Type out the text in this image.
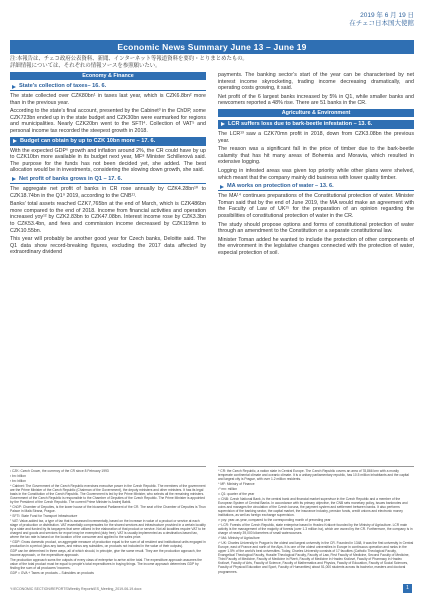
2019 年 6 月 19 日
在チェコ日本国大使館
Economic News Summary June 13 – June 19
注:本報告は、チェコ政府公表資料、新聞、インターネット等報道資料を要約・とりまとめたもの。
詳細情報については、それぞれの情報ソースを参照願いたい。
Economy & Finance
State’s collection of taxes– 16. 6.

The state collected over CZK80bn¹ in taxes last year, which is CZK6.8bn² more than in the previous year.

According to the state’s final account, presented by the Cabinet³ in the ChDP, some CZK723bn ended up in the state budget and CZK30bn were earmarked for regions and municipalities. Nearly CZK20bn went to the SFTI⁴. Collection of VAT⁵ and personal income tax recorded the steepest growth in 2018.

Budget can obtain by up to CZK 10bn more – 17. 6.

With the expected GDP⁶ growth and inflation around 2%, the CR could have by up to CZK10bn more available in its budget next year, MF⁸ Minister Schillerová said. The purpose for the funds has not been decided yet, she added. The best allocation would be in investments, considering the slowing down growth, she said.

Net profit of banks grows in Q1 – 17. 6.

The aggregate net profit of banks in CR rose annually by CZK4.28bn¹⁰ to CZK18.74bn in the Q1⁹ 2019, according to the CNB¹¹.

Banks’ total assets reached CZK7,765bn at the end of March, which is CZK486bn more compared to the end of 2018. Income from financial activities and operation increased yoy¹² by CZK2.83bn to CZK47.08bn. Interest income rose by CZK3.3bn to CZK53.4bn, and fees and commission income decreased by CZK119mn to CZK10.55bn.

This year will probably be another good year for Czech banks, Deloitte said. The Q1 data show record-breaking figures, excluding the 2017 data affected by extraordinary dividend

payments. The banking sector’s start of the year can be characterised by net interest income skyrocketing, trading income decreasing dramatically, and operating costs growing, it said.

Net profit of the 6 largest banks increased by 5% in Q1, while smaller banks and newcomers reported a 48% rise. There are 51 banks in the CR.

Agriculture & Environment
LCR suffers loss due to bark-beetle infestation – 13. 6.

The LCR¹³ saw a CZK70mn profit in 2018, down from CZK3.08bn the previous year.

The reason was a significant fall in the price of timber due to the bark-beetle calamity that has hit many areas of Bohemia and Moravia, which resulted in extensive logging.

Logging in infested areas was given top priority while other plans were shelved, which meant that the company mainly did business with lower quality timber.

MA works on protection of water – 13. 6.

The MA¹⁴ continues preparations of the Constitutional protection of water. Minister Toman said that by the end of June 2019, the MA would make an agreement with the Faculty of Law of UK¹⁵ for the preparation of an opinion regarding the possibilities of constitutional protection of water in the CR.

The study should propose options and forms of constitutional protection of water through an amendment to the Constitution or a separate constitutional law.

Minister Toman added he wanted to include the protection of other components of the environment in the legislative changes connected with the protection of water, especial protection of soil.

¹ CZK: Czech Crown, the currency of the CR since 8 February 1993
² bn: billion
³ bn: billion
⁴ Cabinet: The Government of the Czech Republic exercises executive power in the Czech Republic. The members of the government are the Prime Minister of the Czech Republic (Chairman of the Government), the deputy ministers and other ministers. It has its legal basis in the Constitution of the Czech Republic. The Government is led by the Prime Minister, who selects all the remaining ministers. Government of the Czech Republic is responsible to the Chamber of Deputies of the Czech Republic. The Prime Minister is appointed by the President of the Czech Republic. The current Prime Minister is Andrej Babiš.
⁵ ChDP: Chamber of Deputies, is the lower house of the bicameral Parliament of the CR. The seat of the Chamber of Deputies is Thun Palace in Malá Strana, Prague.
⁶ SFTI: State Fund for Transport Infrastructure
⁷ VAT: Value-added tax, a type of tax that is assessed incrementally, based on the increase in value of a product or service at each stage of production or distribution. VAT essentially compensates for the shared services and infrastructure provided in a certain locality by a state and funded by its taxpayers that were utilized in the elaboration of that product or service. Not all localities require VAT to be charged and goods and services for export may be exempted (duty free). VAT is usually implemented as a destination-based tax, where the tax rate is based on the location of the consumer and applied to the sales price.
⁸ GDP: Gross domestic product, an aggregate measure of production equal to the sum of all resident and institutional units engaged in production in a period (plus any taxes, and minus any subsidies, on products not included in the value of their outputs).
GDP can be determined in three ways, all of which should, in principle, give the same result. They are the production approach, the income approach, or the expenditure approach.
The production approach sums the outputs of every class of enterprise to arrive at the total. The expenditure approach assumes the value of the total product must be equal to people’s total expenditures in buying things. The income approach determines GDP by finding the sum of all producers’ incomes.
GDP = GVA + Taxes on products – Subsidies on products
⁸ CR: the Czech Republic, a nation state in Central Europe. The Czech Republic covers an area of 78,866 km² with a mostly temperate continental climate and oceanic climate. It is a unitary parliamentary republic, has 10.5 million inhabitants and the capital and largest city is Prague, with over 1.2 million residents.
⁹ MF: Ministry of Finance
¹⁰ mn: million
¹¹ Q1: quarter of the year
¹² CNB: Czech National Bank, is the central bank and financial market supervisor in the Czech Republic and a member of the European System of Central Banks. In accordance with its primary objective, the CNB sets monetary policy, issues banknotes and coins and manages the circulation of the Czech koruna, the payment system and settlement between banks. It also performs supervision of the banking sector, the capital market, the insurance industry, pension funds, credit unions and electronic money institutions, as well as foreign exchange supervision.
¹³ yoy: year-on-year, compared to the corresponding month of preceding year
¹⁴ LCR: Forests of the Czech Republic, state enterprise based in Hradec Králové founded by the Ministry of Agriculture. LCR main activity is the management of the majority of forests (over 1.3 million ha), which are owned by the CR. Furthermore, the company is in charge of nearly 39,000 kilometres of small watercourses.
¹⁵ MA: Ministry of Agriculture
¹⁶ UK: Charles University in Prague is the oldest and largest university in the CR. Founded in 1348, it was the first university in Central Europe, east of France and north of the Alps. It is one of the oldest universities in Europe in continuous operation and ranks in the upper 1.5% of the world’s best universities. Today, Charles University consists of 17 faculties (Catholic Theological Faculty, Evangelical Theological Faculty, Hussite Theological Faculty, Faculty of Law, First Faculty of Medicine, Second Faculty of Medicine, Third Faculty of Medicine, Faculty of Medicine in Plzeň, Faculty of Medicine in Hradec Králové, Faculty of Pharmacy in Hradec Králové, Faculty of Arts, Faculty of Science, Faculty of Mathematics and Physics, Faculty of Education, Faculty of Social Sciences, Faculty of Physical Education and Sport, Faculty of Humanities) about 51,000 students across its bachelor, masters and doctoral programmes.
Y:\ECONOMIC SECTION\REPORTS\Weekly Reports\ES_Meeting_2019-06-19.docx	1
